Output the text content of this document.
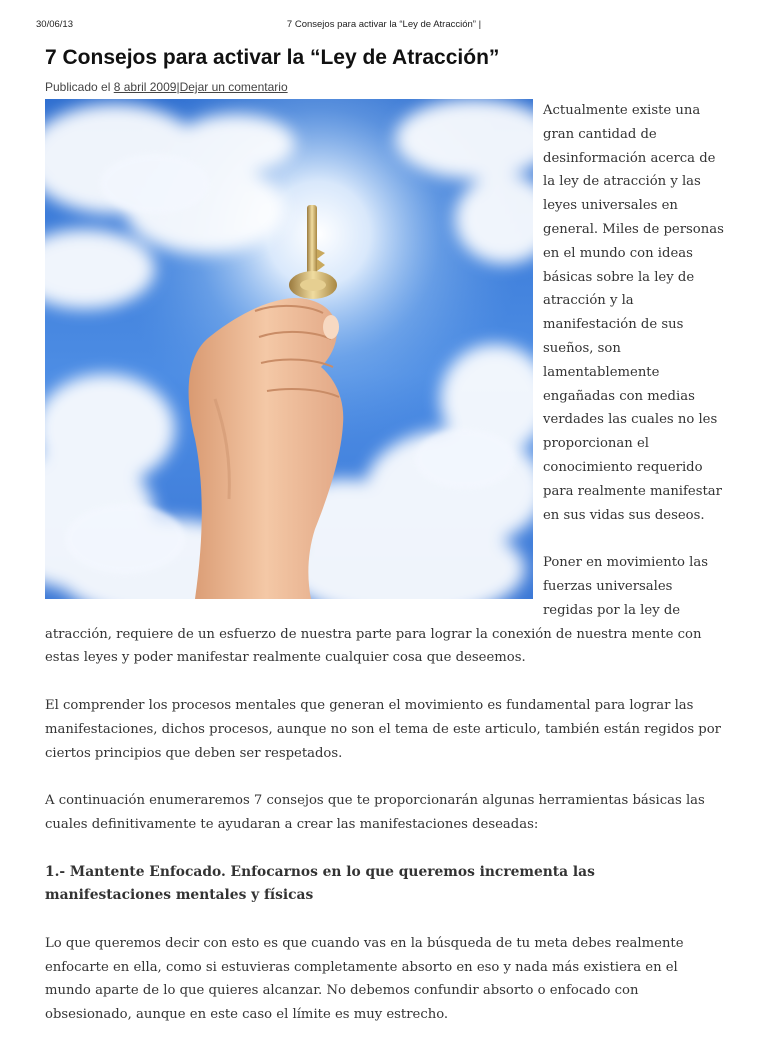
30/06/13	7 Consejos para activar la “Ley de Atracción” |
7 Consejos para activar la “Ley de Atracción”
Publicado el 8 abril 2009|Dejar un comentario

Actualmente existe una gran cantidad de desinformación acerca de la ley de atracción y las leyes universales en general. Miles de personas en el mundo con ideas básicas sobre la ley de atracción y la manifestación de sus sueños, son lamentablemente engañadas con medias verdades las cuales no les proporcionan el conocimiento requerido para realmente manifestar en sus vidas sus deseos.

Poner en movimiento las fuerzas universales regidas por la ley de atracción, requiere de un esfuerzo de nuestra parte para lograr la conexión de nuestra mente con estas leyes y poder manifestar realmente cualquier cosa que deseemos.

El comprender los procesos mentales que generan el movimiento es fundamental para lograr las manifestaciones, dichos procesos, aunque no son el tema de este articulo, también están regidos por ciertos principios que deben ser respetados.

A continuación enumeraremos 7 consejos que te proporcionarán algunas herramientas básicas las cuales definitivamente te ayudaran a crear las manifestaciones deseadas:

1.- Mantente Enfocado. Enfocarnos en lo que queremos incrementa las manifestaciones mentales y físicas

Lo que queremos decir con esto es que cuando vas en la búsqueda de tu meta debes realmente enfocarte en ella, como si estuvieras completamente absorto en eso y nada más existiera en el mundo aparte de lo que quieres alcanzar. No debemos confundir absorto o enfocado con obsesionado, aunque en este caso el límite es muy estrecho.
